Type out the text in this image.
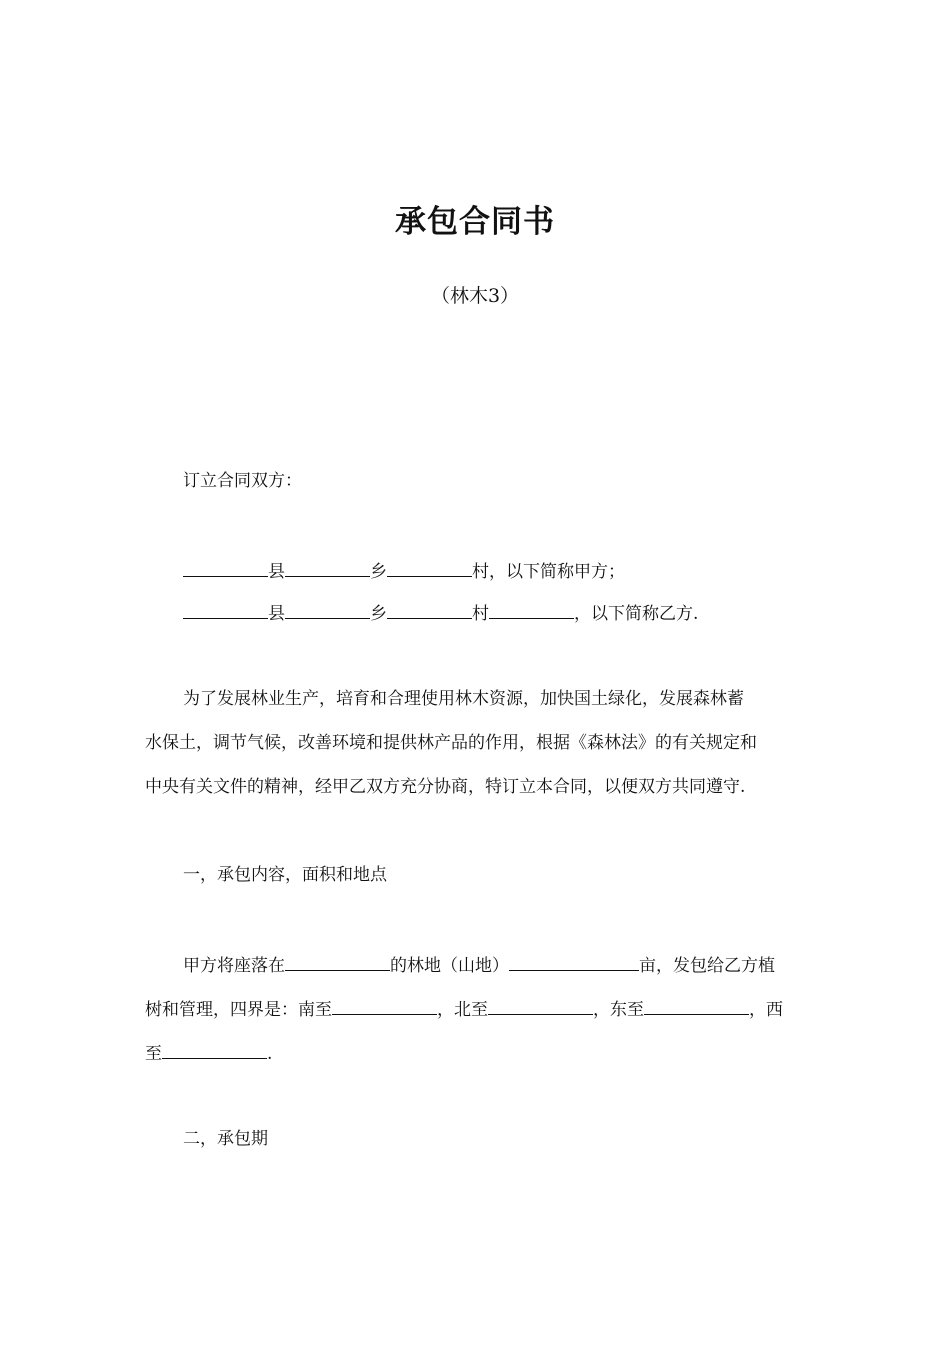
承包合同书
（林木3）
订立合同双方：
县	乡	村，以下简称甲方；
县	乡	村	，以下简称乙方.
为了发展林业生产，培育和合理使用林木资源，加快国土绿化，发展森林蓄
水保土，调节气候，改善环境和提供林产品的作用，根据《森林法》的有关规定和
中央有关文件的精神，经甲乙双方充分协商，特订立本合同，以便双方共同遵守.
一，承包内容，面积和地点
甲方将座落在	的林地（山地）	亩，发包给乙方植
树和管理，四界是：南至	，北至	，东至	，西
至	.
二，承包期
